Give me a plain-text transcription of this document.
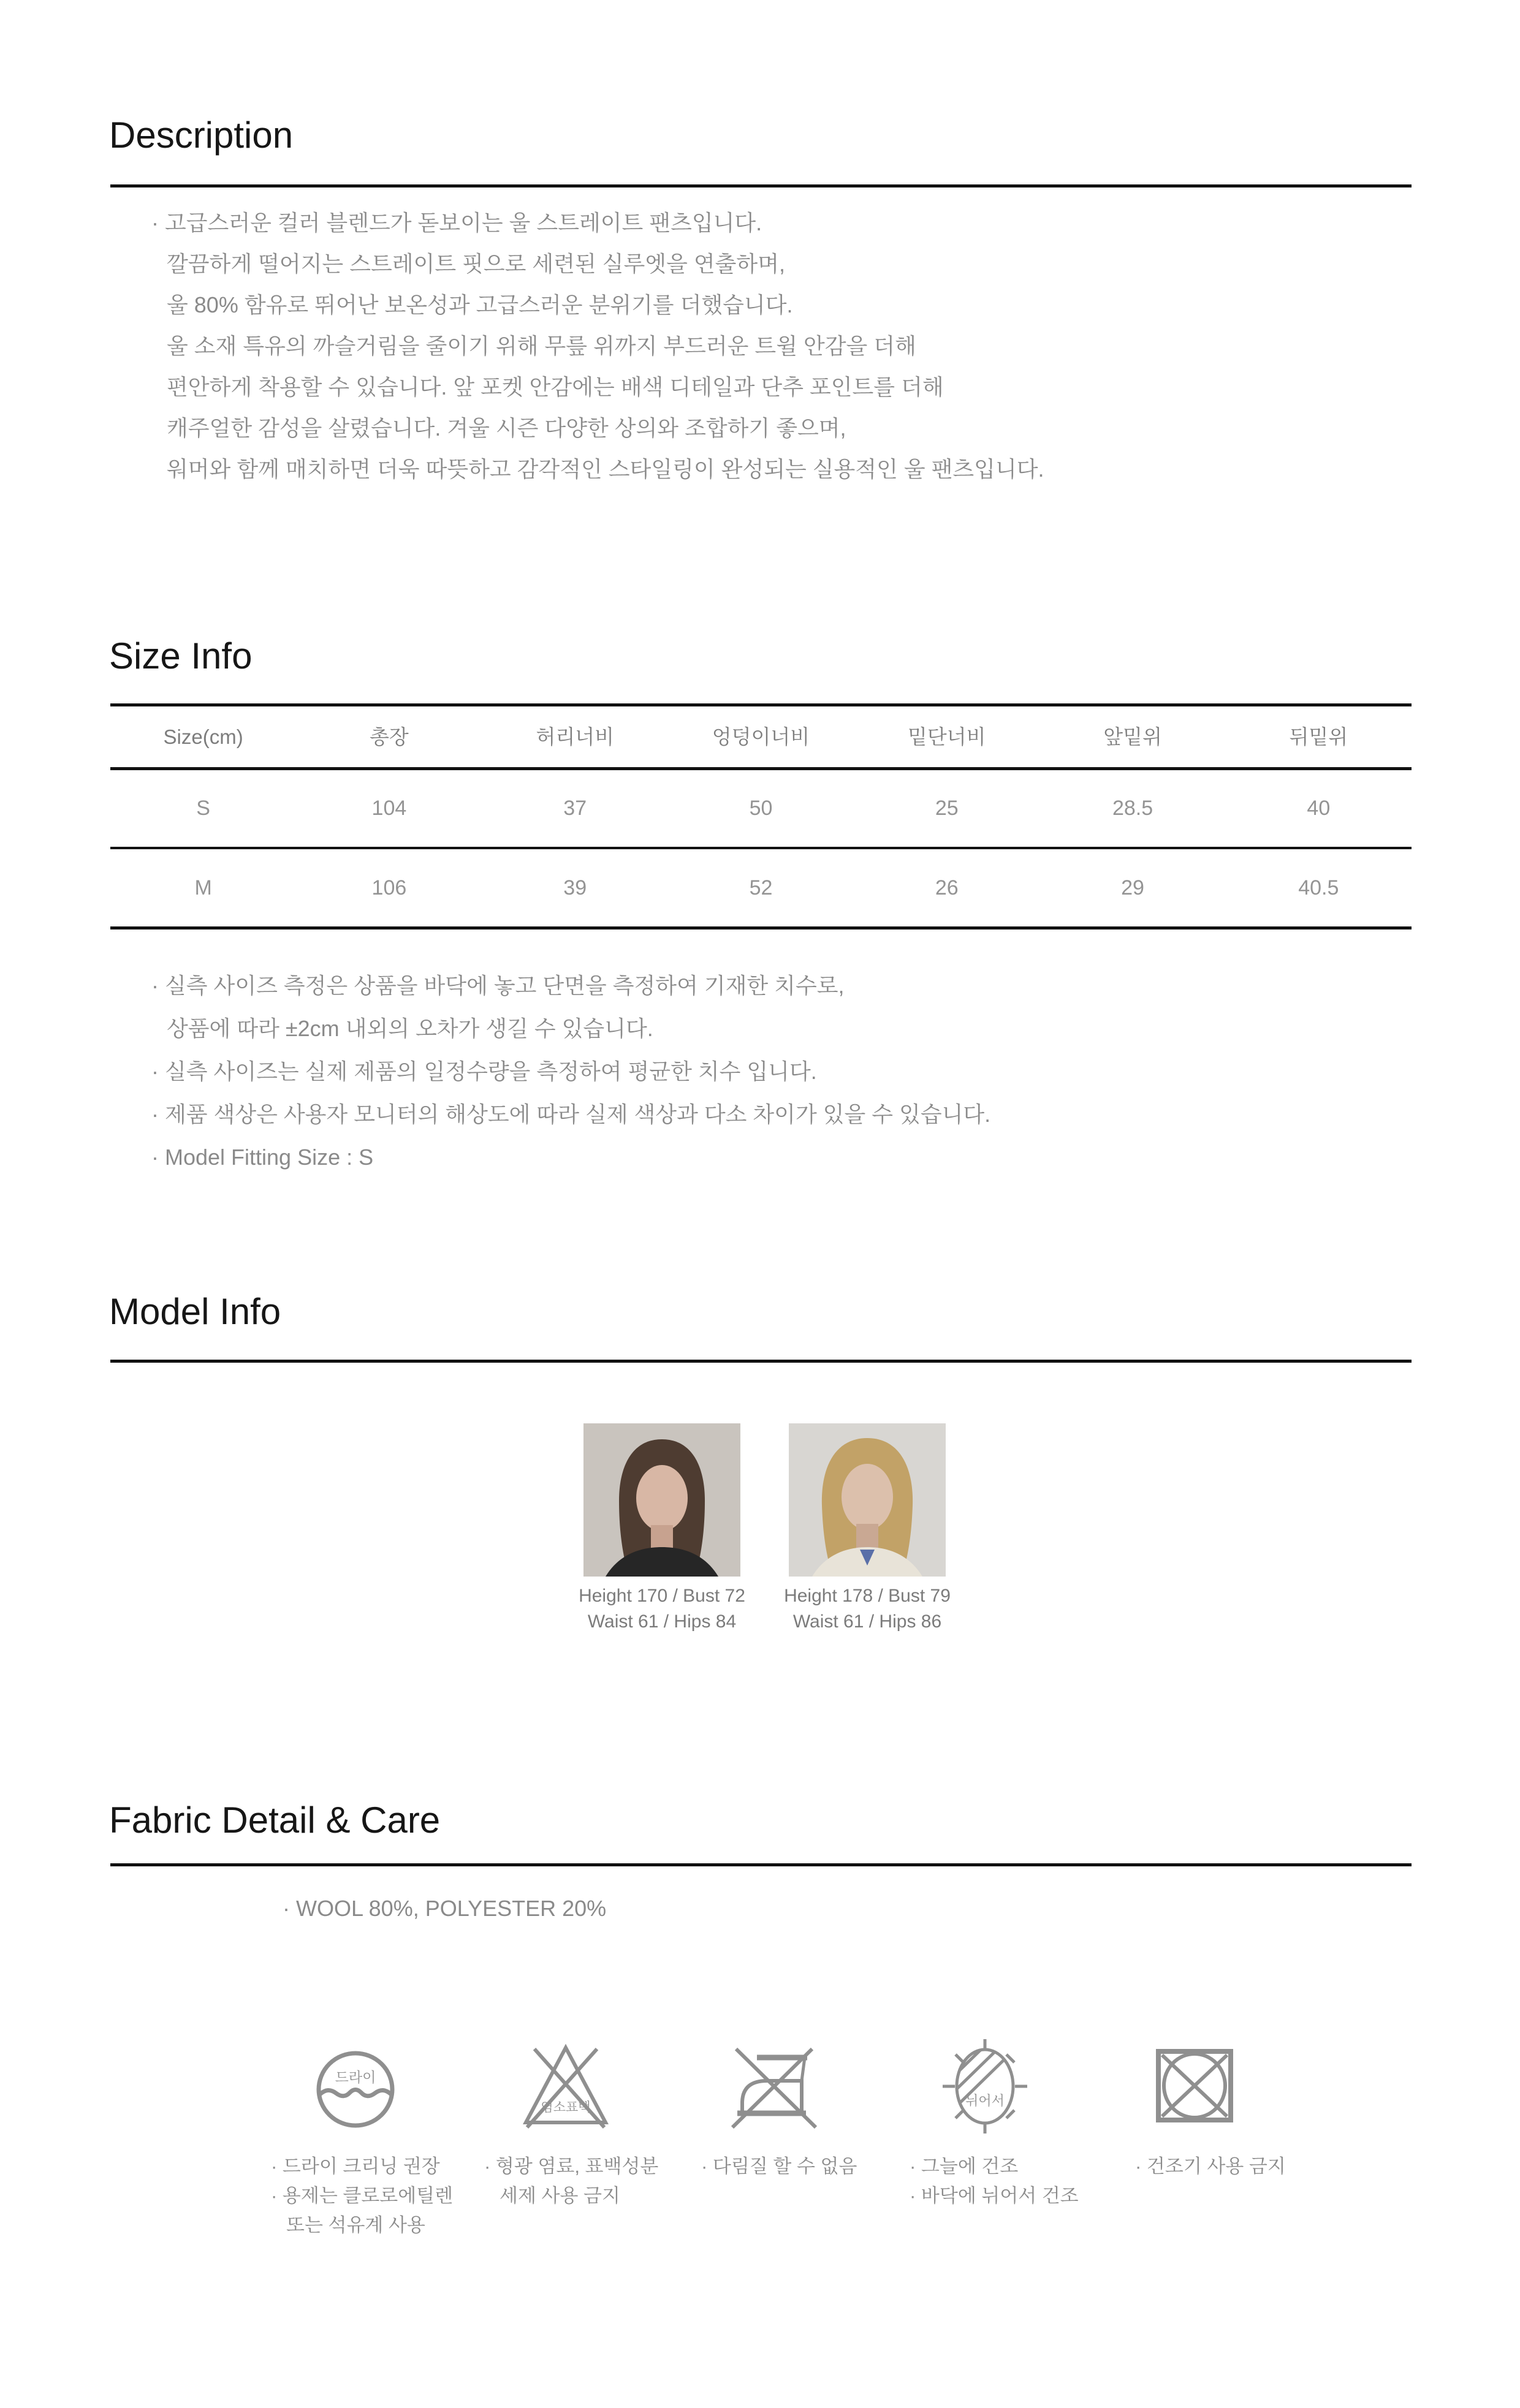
Description
· 고급스러운 컬러 블렌드가 돋보이는 울 스트레이트 팬츠입니다.
깔끔하게 떨어지는 스트레이트 핏으로 세련된 실루엣을 연출하며,
울 80% 함유로 뛰어난 보온성과 고급스러운 분위기를 더했습니다.
울 소재 특유의 까슬거림을 줄이기 위해 무릎 위까지 부드러운 트윌 안감을 더해
편안하게 착용할 수 있습니다. 앞 포켓 안감에는 배색 디테일과 단추 포인트를 더해
캐주얼한 감성을 살렸습니다. 겨울 시즌 다양한 상의와 조합하기 좋으며,
워머와 함께 매치하면 더욱 따뜻하고 감각적인 스타일링이 완성되는 실용적인 울 팬츠입니다.
Size Info
Size(cm)	총장	허리너비	엉덩이너비	밑단너비	앞밑위	뒤밑위
S	104	37	50	25	28.5	40
M	106	39	52	26	29	40.5
· 실측 사이즈 측정은 상품을 바닥에 놓고 단면을 측정하여 기재한 치수로,
상품에 따라 ±2cm 내외의 오차가 생길 수 있습니다.
· 실측 사이즈는 실제 제품의 일정수량을 측정하여 평균한 치수 입니다.
· 제품 색상은 사용자 모니터의 해상도에 따라 실제 색상과 다소 차이가 있을 수 있습니다.
· Model Fitting Size : S
Model Info
Height 170 / Bust 72
Waist 61 / Hips 84
Height 178 / Bust 79
Waist 61 / Hips 86
Fabric Detail & Care
· WOOL 80%, POLYESTER 20%
드라이
염소표백	뉘어서
· 드라이 크리닝 권장
· 용제는 클로로에틸렌
또는 석유계 사용
· 형광 염료, 표백성분
세제 사용 금지
· 다림질 할 수 없음	· 그늘에 건조
· 바닥에 뉘어서 건조
· 건조기 사용 금지
